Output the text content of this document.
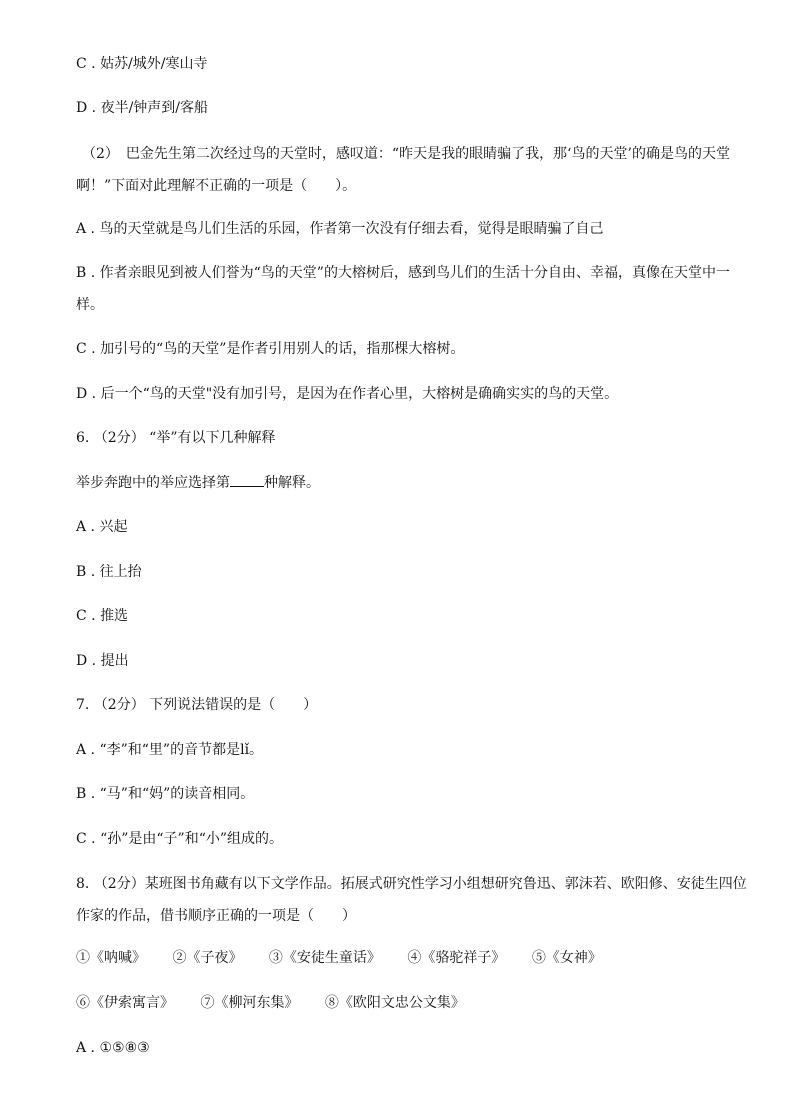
C . 姑苏/城外/寒山寺
D . 夜半/钟声到/客船
（2）　巴金先生第二次经过鸟的天堂时，感叹道：“昨天是我的眼睛骗了我，那‘鸟的天堂’的确是鸟的天堂啊！”下面对此理解不正确的一项是（　　）。
A . 鸟的天堂就是鸟儿们生活的乐园，作者第一次没有仔细去看，觉得是眼睛骗了自己
B . 作者亲眼见到被人们誉为“鸟的天堂”的大榕树后，感到鸟儿们的生活十分自由、幸福，真像在天堂中一样。
C . 加引号的“鸟的天堂”是作者引用别人的话，指那棵大榕树。
D . 后一个“鸟的天堂"没有加引号，是因为在作者心里，大榕树是确确实实的鸟的天堂。
6. （2分） “举”有以下几种解释
举步奔跑中的举应选择第 种解释。
A . 兴起
B . 往上抬
C . 推选
D . 提出
7. （2分） 下列说法错误的是（　　）
A . “李”和“里”的音节都是lǐ。
B . “马”和“妈”的读音相同。
C . “孙”是由“子”和“小”组成的。
8. （2分）某班图书角藏有以下文学作品。拓展式研究性学习小组想研究鲁迅、郭沫若、欧阳修、安徒生四位作家的作品，借书顺序正确的一项是（　　）
①《呐喊》 ②《子夜》 ③《安徒生童话》 ④《骆驼祥子》 ⑤《女神》
⑥《伊索寓言》 ⑦《柳河东集》 ⑧《欧阳文忠公文集》
A . ①⑤⑧③
